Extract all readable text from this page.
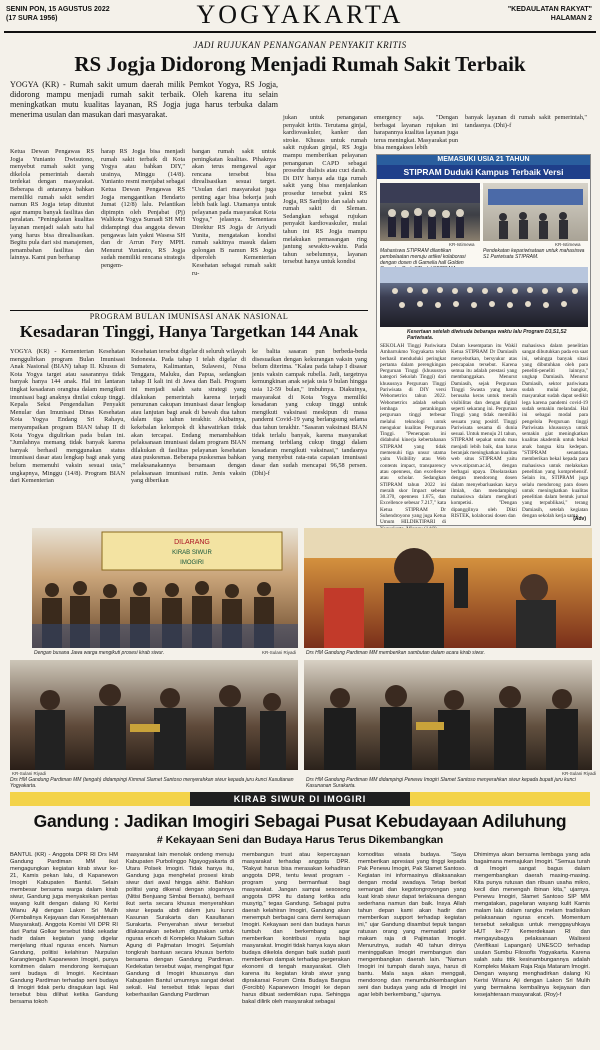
SENIN PON, 15 AGUSTUS 2022
(17 SURA 1956)	YOGYAKARTA	"KEDAULATAN RAKYAT"
HALAMAN 2
JADI RUJUKAN PENANGANAN PENYAKIT KRITIS
RS Jogja Didorong Menjadi Rumah Sakit Terbaik
YOGYA (KR) - Rumah sakit umum daerah milik Pemkot Yogya, RS Jogja, didorong mampu menjadi rumah sakit terbaik. Oleh karena itu selain meningkatkan mutu kualitas layanan, RS Jogja juga harus terbuka dalam menerima usulan dan masukan dari masyarakat.

Ketua Dewan Pengawas RS Jogja Yunianto Dwisutono, menyebut rumah sakit yang dikelola pemerintah daerah terdekat dengan masyarakat. Beberapa di antaranya bahkan memiliki rumah sakit sendiri namun RS Jogja tetap dituntut agar mampu banyak fasilitas dan peralatan. "Peningkatan kualitas layanan menjadi salah satu hal yang harus bisa direalisasikan. Begitu pula dari sisi manajemen, penambahan fasilitas dan lainnya. Kami pun berharap

harap RS Jogja bisa menjadi rumah sakit terbaik di Kota Yogya atau bahkan DIY," urainya, Minggu (14/8). Yunianto resmi menjabat sebagai Ketua Dewan Pengawas RS Jogja menggantikan Hendarto Jumat (12/8) lalu. Pelantikan dipimpin oleh Penjabat (Pj) Walikota Yogya Sumadi SH MH didampingi dua anggota dewan pengawas lain yakni Wasesa SH dan dr Arrun Fery MPH. Menurut Yunianto, RS Jogja sudah memiliki rencana strategis pengem-

bangan rumah sakit untuk peningkatan kualitas. Pihaknya akan terus mengawal agar rencana tersebut bisa direalisasikan sesuai target. "Usulan dari masyarakat juga penting agar bisa bekerja jauh lebih baik lagi. Utamanya untuk pelayanan pada masyarakat Kota Yogya," jelasnya. Sementara Direktur RS Jogja dr Ariyudi Yunita, mengatakan kondisi rumah sakitnya masuk dalam golongan B namun RS Jogja diperoleh Kementerian Kesehatan sebagai rumah sakit ru-

jukan untuk penanganan penyakit kritis. Terutama ginjal, kardiovaskuler, kanker dan stroke. Khusus untuk rumah sakit rujukan ginjal, RS Jogja mampu memberikan pelayanan penanganan CAPD sebagai prosedur dialisis atau cuci darah. Di DIY hanya ada tiga rumah sakit yang bisa menjalankan prosedur tersebut yakni RS Jogja, RS Sardjito dan salah satu rumah sakit di Sleman. Sedangkan sebagai rujukan penyakit kardiovaskuler, mulai tahun ini RS Jogja mampu melakukan pemasangan ring jantung sewaktu-waktu. Pada tahun sebelumnya, layanan tersebut hanya untuk kondisi

emergency saja. "Dengan berbagai layanan rujukan ini harapannya kualitas layanan juga terus meningkat. Masyarakat pun bisa mengakses lebih

banyak layanan di rumah sakit pemerintah," tandasnya. (Dhi)-f

PROGRAM BULAN IMUNISASI ANAK NASIONAL
Kesadaran Tinggi, Hanya Targetkan 144 Anak

YOGYA (KR) - Kementerian Kesehatan menggulirkan program Bulan Imunisasi Anak Nasional (BIAN) tahap II. Khusus di Kota Yogya target atau sasarannya tidak banyak hanya 144 anak. Hal ini lantaran tingkat kesadaran orangtua dalam mengikuti imunisasi bagi anaknya dinilai cukup tinggi. Kepala Seksi Pengendalian Penyakit Menular dan Imunisasi Dinas Kesehatan Kota Yogya Endang Sri Rahayu, menyampaikan program BIAN tahap II di Kota Yogya digulirkan pada bulan ini. "Jumlahnya memang tidak banyak karena banyak berhasil menggunakan status imunisasi dasar atau lengkap bagi anak yang belum memenuhi vaksin sesuai usia," ungkapnya, Minggu (14/8). Program BIAN dari Kementerian

Kesehatan tersebut digelar di seluruh wilayah Indonesia. Pada tahap I telah digelar di Sumatera, Kalimantan, Sulawesi, Nusa Tenggara, Maluku, dan Papua, sedangkan tahap II kali ini di Jawa dan Bali. Program ini menjadi salah satu strategi yang dilakukan pemerintah karena terjadi penurunan cakupan imunisasi dasar lengkap atau lanjutan bagi anak di bawah dua tahun dalam tiga tahun terakhir. Akibatnya, kekebalan kelompok di khawatirkan tidak akan tercapai. Endang menambahkan pelaksanaan imunisasi dalam program BIAN dilakukan di fasilitas pelayanan kesehatan atau puskesmas. Beberapa puskesmas bahkan melaksanakannya bersamaan dengan pelaksanaan imunisasi rutin. Jenis vaksin yang diberikan

ke balita sasaran pun berbeda-beda disesuaikan dengan kekurangan vaksin yang belum diterima. "Kalau pada tahap I disasar jenis vaksin campak rubella. Jadi, targetnya kemungkinan anak sejak usia 9 bulan hingga usia 12-59 bulan," imbuhnya. Diakuinya, masyarakat di Kota Yogya memiliki kesadaran yang cukup tinggi untuk mengikuti vaksinasi meskipun di masa pandemi Covid-19 yang berlangsung selama dua tahun terakhir. "Sasaran vaksinasi BIAN tidak terlalu banyak, karena masyarakat memang terbilang cukup tinggi dalam kesadaran mengikuti vaksinasi," tandasnya yang menyebut rata-rata capaian imunisasi dasar dan sudah mencapai 96,58 persen. (Dhi)-f

MEMASUKI USIA 21 TAHUN
STIPRAM Duduki Kampus Terbaik Versi
KR-Istimewa	KR-Istimewa
Mahasiswa STIPRAM dilantikan pembelaatan menuju artikel kolaborasi dengan dosen di Gamelia hall Golden
Pendekatan kepariwisataan untuk mahasiswa S1 Pariwisata STIPRAM.
Kesertaan setelah diwisuda bebarapa waktu lalu Program D3,S1,S2 Pariwisata.

SEKOLAH Tinggi Pariwisata Ambarrukmo Yogyakarta telah berhasil menduduki peringkat pertama dalam perengkingan Perguruan Tinggi (khususnya kategori Sekolah Tinggi) dari khususnya Perguruan Tinggi Pariwisata di DIY versi Webometrics tahun 2022. Webometrics adalah sebuah lembaga perankingan perguruan tinggi terbesar melalui teknologi untuk mengukur kualitas Perguruan Tinggi. "Penerapan ini didahului kinerja kebertahanan STIPRAM yang tidak memenuhi tiga unsur utama yaitu Visibility atau Web contents impact, transparency atau openness, dan excellence atau scholar. Sedangkan STIPRAM tahun 2022 ini meraih skor Impact sebesar 30.370, openness 1.675, dan Excellence sebesar 7.217," kata Ketua STIPRAM Dr Suhendroyono yang juga Ketua Umum HILDIKTIPARI di

Dalam kesempatan itu Wakil Ketua STIPRAM Dr Damiasih menyebutkan, bersyukur atas pencapaian tersebut. Karena semua itu adalah prestasi yang membanggakan. Menurut Damiasih, sejak Perguruan Tinggi Swasta yang harus berusaha keras untuk meraih visibilitas dan dengan digital seperti sekarang ini. Perguruan Tinggi yang tidak memiliki sesuatu yang positif. Tinggi Pariwisata sesama di dunia sesuai. Untuk menuju 21 tahun, STIPRAM sepakat untuk mau menjadi lebih baik, dan harus beranjak meningkatkan kualitas web situs STIPRAM yaitu www.stipram.ac.id, dengan berbagai upaya. Diselaraskan dengan mendorong dosen dalam menyebarluaskan karya ilmiah, dan mendampingi mahasiswa dalam mengikuti kompetisi. "Dengan dipanggilnya oleh Dikti RISTEK, kolaborasi dosen dan

mahasiswa dalam penelitian sangat dibutuhkan pada era saat ini, sehingga banyak sitasi yang dibutuhkan oleh para peneliti-peneliti lainnya," ungkap Damiasih. Menurut Damiasih, sektor pariwisata sudah mulai bangkit, masyarakat sudah dapat sedikit lega karena pandemi covid-19 sudah semakin melandai. Hal ini sebagai modal para pengelola Perguruan tinggi Pariwisata khususnya untuk semakin giat meningkatkan kualitas akademik untuk bekal anak bangsa kita kedepan. "STIPRAM senantiasa memberikan bekal kepada para mahasiswa untuk melakukan penelitian yang komprehensif. Selain itu, STIPRAM juga selalu mendorong para dosen untuk meningkatkan kualitas penelitian dalam bentuk jurnal yang terpublikasi," terang Damiasih, setelah kegiatan dengan sekolah kerja sama.

(Adv)
DILARANG
KIRAB SIWUR
IMOGIRI
Dengan busana Jawa warga mengikuti prosesi kirab siwur.	KR-Sulani Riyadi Drs HM Gandung Pardiman MM memberikan sambutan dalam acara kirab siwur.
KR-Sulani Riyadi
Drs HM Gandung Pardiman MM (tengah) didampingi Kimmal Slamet Santoso menyerahkan siwur kepada juru kunci Kasultanan Yogyakarta.
KR-Sulani Riyadi
Drs HM Gandung Pardiman MM didampingi Penewu Imogiri Slamet Santoso menyerahkan siwur kepada bupati juru kunci Kasunanan Surakarta.
KIRAB SIWUR DI IMOGIRI
Gandung : Jadikan Imogiri Sebagai Pusat Kebudayaan Adiluhung
# Kekayaan Seni dan Budaya Harus Terus Dikembangkan

BANTUL (KR) - Anggota DPR RI Drs HM Gandung Pardiman MM ikut mengagungkan kegiatan kirab siwur ke-21, Kamis pekan lalu, di Kapanewon Imogiri Kabupaten Bantul. Selain membesar bersama warga dalam kirab siwur, Gandung juga menyaksikan pentas wayang kulit dengan dalang Ki Kerisi Wianu Aji dengan Lakon Sri Mulih (Kembalinya Kejayaan dan Kesejahteraan Masyarakat). Anggota Komisi VII DPR RI dari Partai Golkar tersebut tidak sekadar hadir dalam kegiatan yang digelar menjelang ritual nguras enceh. Namun Gandung, politisi kelahiran Nurpulan Karangtengah Kapanewon Imogiri, punya komitmen dalam mendorong kemajuan seni budaya di Imogiri. Kecintaan Gandung Pardiman terhadap seni budaya di Imogiri tidak perlu diragukan lagi. Hal tersebut bisa dilihat ketika Gandung bersama tokoh

masyarakat lain menolak ondeng menuju Kabupaten Purbolinggo Ngayogyakarta di Utara Polsek Imogiri. Tidak hanya itu, Gandung juga menghelat prosesi kirab siwur dari awal hingga akhir. Bahkan politisi yang dikenal dengan slogannya (Nitisi Benjuang Simbai Bersatu), berhasil ikut serta secara khusus menyerahkan siwur kepada abdi dalem juru kunci Kasunan Surakarta dan Kasultanan Surakarta. Penyerahan siwur tersebut dilaksanakan sebelum digunakan untuk nguras enceh di Kompleks Makam Sultan Agung di Pajimatan Imogiri. Sejumlah tongkrah bantuan secara khusus berfoto bersama dengan Gandung Pardiman. Kedekatan tersebut wajar, mengingat figur Gandung di Imogiri khususnya dan Kabupaten Bantul umumnya sangat dekat sekali. Hal tersebut tidak lepas dari keberhasilan Gandung Pardiman

membangun trust atau kepercayaan masyarakat terhadap anggota DPR. "Rakyat harus bisa merasakan kehadiran anggota DPR, tentu lewat program - program yang bermanfaat bagi masyarakat. Jangan sampai sesosong anggota DPR itu datang ketika ada musyrig," tegas Gandung. Sebagai putra daerah kelahiran Imogiri, Gandung akan menempuh berbagai cara demi kemajuan Imogiri. Kekayaan seni dan budaya harus tumbuh dan berkembang agar memberikan kontribusi nyata bagi masyarakat. Imogiri tidak hanya kaya akan budaya dikelola dengan baik sudah pasti memberikan dampak terhadap pergerakan ekonomi di tengah masyarakat. Oleh karena itu kegiatan kirab siwur yang diprakarsai Forum Cinta Budaya Bangsa (Forcibb) Kapanewon Imogiri ke depan harus dibuat sedemikian rupa. Sehingga bakal dilirik oleh masyarakat sebagai

komoditas wisata budaya. "Saya memberikan apresiasi yang tinggi kepada Pak Penewu Imogiri, Pak Slamet Santoso. Kegiatan ini informasinya dilaksanakan dengan modal swadaya. Tetap berkat semangat dan kegotongroyongan yang kuat kirab siwur dapat terlaksana dengan sederhana namun dan baik. Insya Allah tahun depan kami akan hadir dan memberikan support terhadap kegiatan ini," ujar Gandung disambut tepuk tangan ratusan orang yang memadati parkir makam raja di Pajimatan Imogiri. Menurutnya, sudah 40 tahun dirinya meninggalkan Imogiri membangun dan mengembangkan daerah lain. "Namun Imogiri ini tumpah darah saya, harus di bantu. Mala saya akan menggali, mendorong dan menumbuhkembangkan seni dan budaya yang ada di Imogiri ini agar lebih berkembang," ujarnya.

Dhimimya akan bersama lembaga yang ada bagaimana memajukan Imogiri. "Semua turah di Imogiri sangat bagus dalam mengembangkan daerah masing-masing. Kita punya rutusan dan ribuan usaha mikro, kecil dan menengah ibinan kita," ujarnya. Penewu Imogiri, Slamet Santoso SIP MM mengatakan, pagelaran wayang kulit Kamis malam lalu dalam rangka melarn tradisikan pelaksanaan nguras enceh. Momentum tersebut sekaligus untuk menggayuhkaya HUT ke-77 Kemerdekaan RI dan mengayubagya pelaksanaan Walisesi (Verifikasi Lapangan) UNESCO terhadap usulan Sumbu Filosofis Yogyakarta. Karena salah satu titik kesinambungannya adalah Kompleks Makam Raja Raja Mataram Imogiri. Dengan wayang menghadirkan dalang Ki Kerisi Wiranu Aji dengan Lakon Sri Mulih yang bermakna kembalinya kejayaan dan kesejahteraan masyarakat. (Roy)-f
